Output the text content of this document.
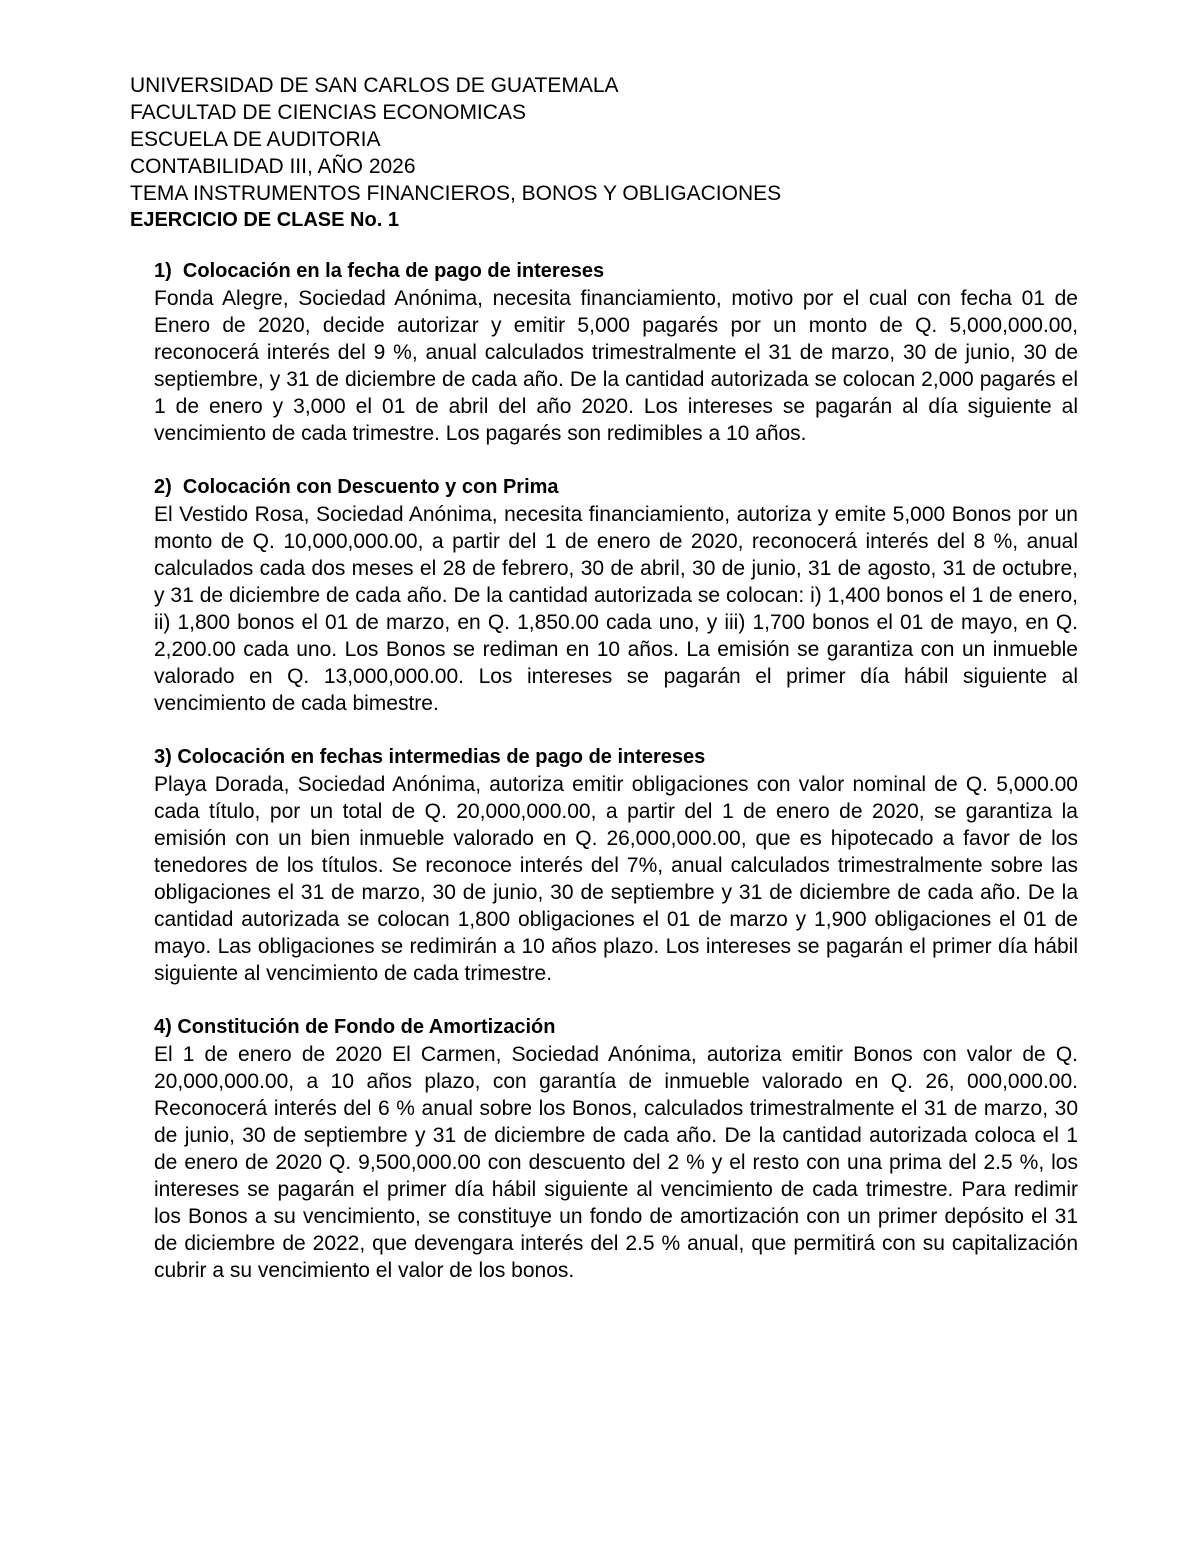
UNIVERSIDAD DE SAN CARLOS DE GUATEMALA

FACULTAD DE CIENCIAS ECONOMICAS

ESCUELA DE AUDITORIA

CONTABILIDAD III, AÑO 2026

TEMA INSTRUMENTOS FINANCIEROS, BONOS Y OBLIGACIONES

EJERCICIO DE CLASE No. 1

1) Colocación en la fecha de pago de intereses

Fonda Alegre, Sociedad Anónima, necesita financiamiento, motivo por el cual con fecha 01 de Enero de 2020, decide autorizar y emitir 5,000 pagarés por un monto de Q. 5,000,000.00, reconocerá interés del 9 %, anual calculados trimestralmente el 31 de marzo, 30 de junio, 30 de septiembre, y 31 de diciembre de cada año. De la cantidad autorizada se colocan 2,000 pagarés el 1 de enero y 3,000 el 01 de abril del año 2020. Los intereses se pagarán al día siguiente al vencimiento de cada trimestre. Los pagarés son redimibles a 10 años.

2) Colocación con Descuento y con Prima

El Vestido Rosa, Sociedad Anónima, necesita financiamiento, autoriza y emite 5,000 Bonos por un monto de Q. 10,000,000.00, a partir del 1 de enero de 2020, reconocerá interés del 8 %, anual calculados cada dos meses el 28 de febrero, 30 de abril, 30 de junio, 31 de agosto, 31 de octubre, y 31 de diciembre de cada año. De la cantidad autorizada se colocan: i) 1,400 bonos el 1 de enero, ii) 1,800 bonos el 01 de marzo, en Q. 1,850.00 cada uno, y iii) 1,700 bonos el 01 de mayo, en Q. 2,200.00 cada uno. Los Bonos se rediman en 10 años. La emisión se garantiza con un inmueble valorado en Q. 13,000,000.00. Los intereses se pagarán el primer día hábil siguiente al vencimiento de cada bimestre.

3) Colocación en fechas intermedias de pago de intereses

Playa Dorada, Sociedad Anónima, autoriza emitir obligaciones con valor nominal de Q. 5,000.00 cada título, por un total de Q. 20,000,000.00, a partir del 1 de enero de 2020, se garantiza la emisión con un bien inmueble valorado en Q. 26,000,000.00, que es hipotecado a favor de los tenedores de los títulos. Se reconoce interés del 7%, anual calculados trimestralmente sobre las obligaciones el 31 de marzo, 30 de junio, 30 de septiembre y 31 de diciembre de cada año. De la cantidad autorizada se colocan 1,800 obligaciones el 01 de marzo y 1,900 obligaciones el 01 de mayo. Las obligaciones se redimirán a 10 años plazo. Los intereses se pagarán el primer día hábil siguiente al vencimiento de cada trimestre.

4) Constitución de Fondo de Amortización

El 1 de enero de 2020 El Carmen, Sociedad Anónima, autoriza emitir Bonos con valor de Q. 20,000,000.00, a 10 años plazo, con garantía de inmueble valorado en Q. 26, 000,000.00. Reconocerá interés del 6 % anual sobre los Bonos, calculados trimestralmente el 31 de marzo, 30 de junio, 30 de septiembre y 31 de diciembre de cada año. De la cantidad autorizada coloca el 1 de enero de 2020 Q. 9,500,000.00 con descuento del 2 % y el resto con una prima del 2.5 %, los intereses se pagarán el primer día hábil siguiente al vencimiento de cada trimestre. Para redimir los Bonos a su vencimiento, se constituye un fondo de amortización con un primer depósito el 31 de diciembre de 2022, que devengara interés del 2.5 % anual, que permitirá con su capitalización cubrir a su vencimiento el valor de los bonos.
